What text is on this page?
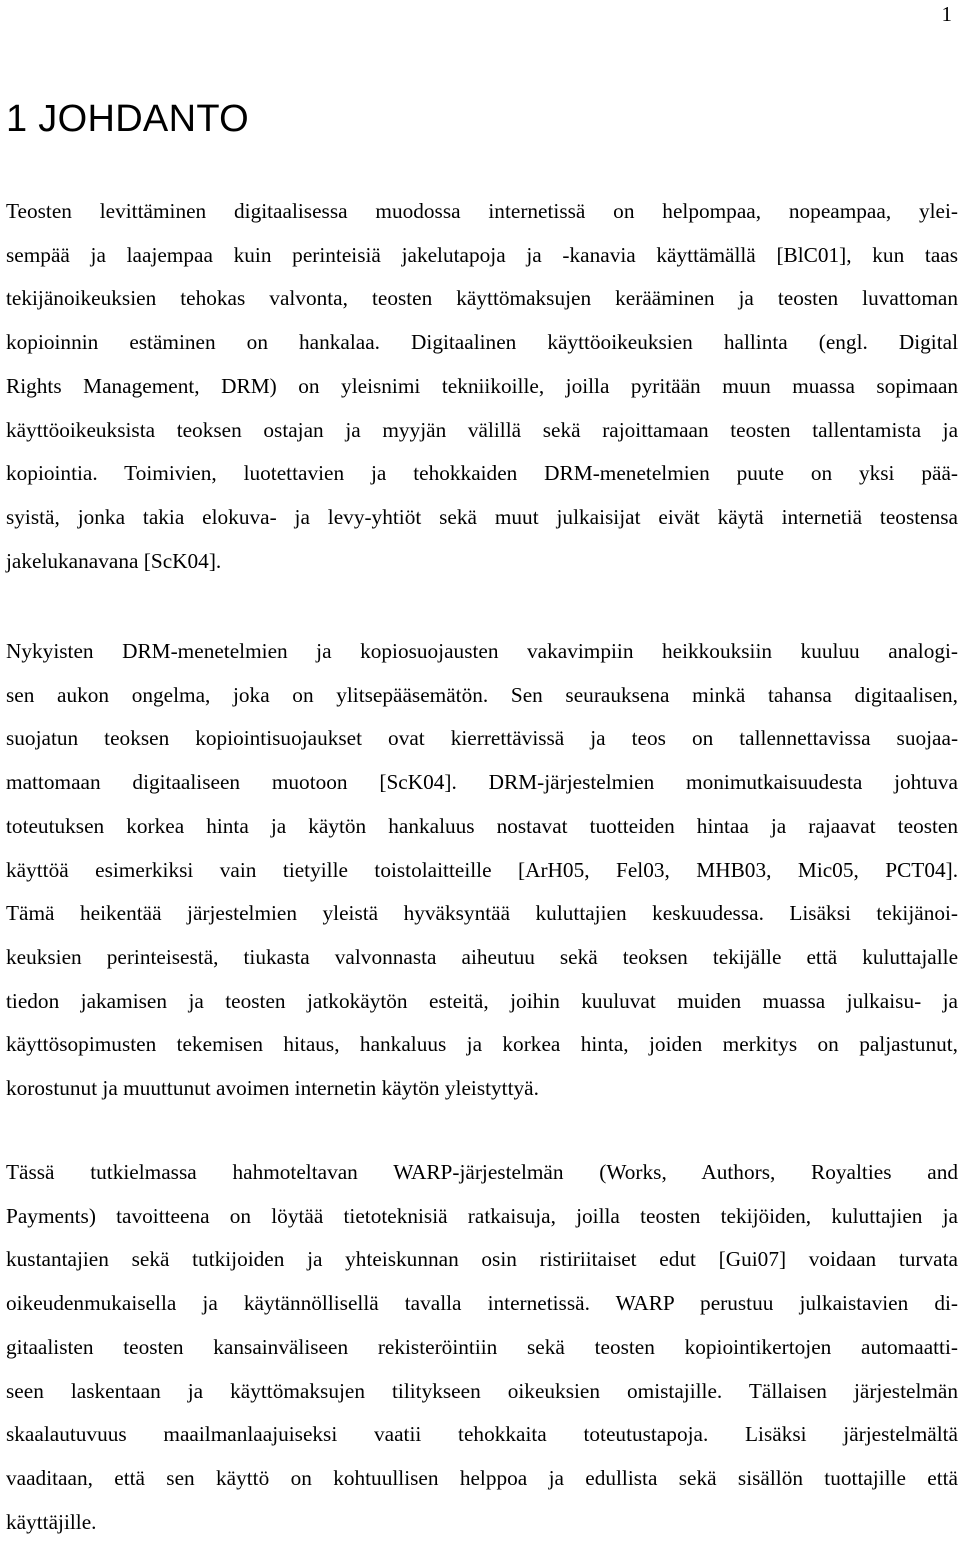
1
1 JOHDANTO
Teosten levittäminen digitaalisessa muodossa internetissä on helpompaa, nopeampaa, ylei-
sempää ja laajempaa kuin perinteisiä jakelutapoja ja -kanavia käyttämällä [BlC01], kun taas
tekijänoikeuksien tehokas valvonta, teosten käyttömaksujen kerääminen ja teosten luvattoman
kopioinnin estäminen on hankalaa. Digitaalinen käyttöoikeuksien hallinta (engl. Digital
Rights Management, DRM) on yleisnimi tekniikoille, joilla pyritään muun muassa sopimaan
käyttöoikeuksista teoksen ostajan ja myyjän välillä sekä rajoittamaan teosten tallentamista ja
kopiointia. Toimivien, luotettavien ja tehokkaiden DRM-menetelmien puute on yksi pää-
syistä, jonka takia elokuva- ja levy-yhtiöt sekä muut julkaisijat eivät käytä internetiä teostensa
jakelukanavana [ScK04].
Nykyisten DRM-menetelmien ja kopiosuojausten vakavimpiin heikkouksiin kuuluu analogi-
sen aukon ongelma, joka on ylitsepääsemätön. Sen seurauksena minkä tahansa digitaalisen,
suojatun teoksen kopiointisuojaukset ovat kierrettävissä ja teos on tallennettavissa suojaa-
mattomaan digitaaliseen muotoon [ScK04]. DRM-järjestelmien monimutkaisuudesta johtuva
toteutuksen korkea hinta ja käytön hankaluus nostavat tuotteiden hintaa ja rajaavat teosten
käyttöä esimerkiksi vain tietyille toistolaitteille [ArH05, Fel03, MHB03, Mic05, PCT04].
Tämä heikentää järjestelmien yleistä hyväksyntää kuluttajien keskuudessa. Lisäksi tekijänoi-
keuksien perinteisestä, tiukasta valvonnasta aiheutuu sekä teoksen tekijälle että kuluttajalle
tiedon jakamisen ja teosten jatkokäytön esteitä, joihin kuuluvat muiden muassa julkaisu- ja
käyttösopimusten tekemisen hitaus, hankaluus ja korkea hinta, joiden merkitys on paljastunut,
korostunut ja muuttunut avoimen internetin käytön yleistyttyä.
Tässä tutkielmassa hahmoteltavan WARP-järjestelmän (Works, Authors, Royalties and
Payments) tavoitteena on löytää tietoteknisiä ratkaisuja, joilla teosten tekijöiden, kuluttajien ja
kustantajien sekä tutkijoiden ja yhteiskunnan osin ristiriitaiset edut [Gui07] voidaan turvata
oikeudenmukaisella ja käytännöllisellä tavalla internetissä. WARP perustuu julkaistavien di-
gitaalisten teosten kansainväliseen rekisteröintiin sekä teosten kopiointikertojen automaatti-
seen laskentaan ja käyttömaksujen tilitykseen oikeuksien omistajille. Tällaisen järjestelmän
skaalautuvuus maailmanlaajuiseksi vaatii tehokkaita toteutustapoja. Lisäksi järjestelmältä
vaaditaan, että sen käyttö on kohtuullisen helppoa ja edullista sekä sisällön tuottajille että
käyttäjille.
